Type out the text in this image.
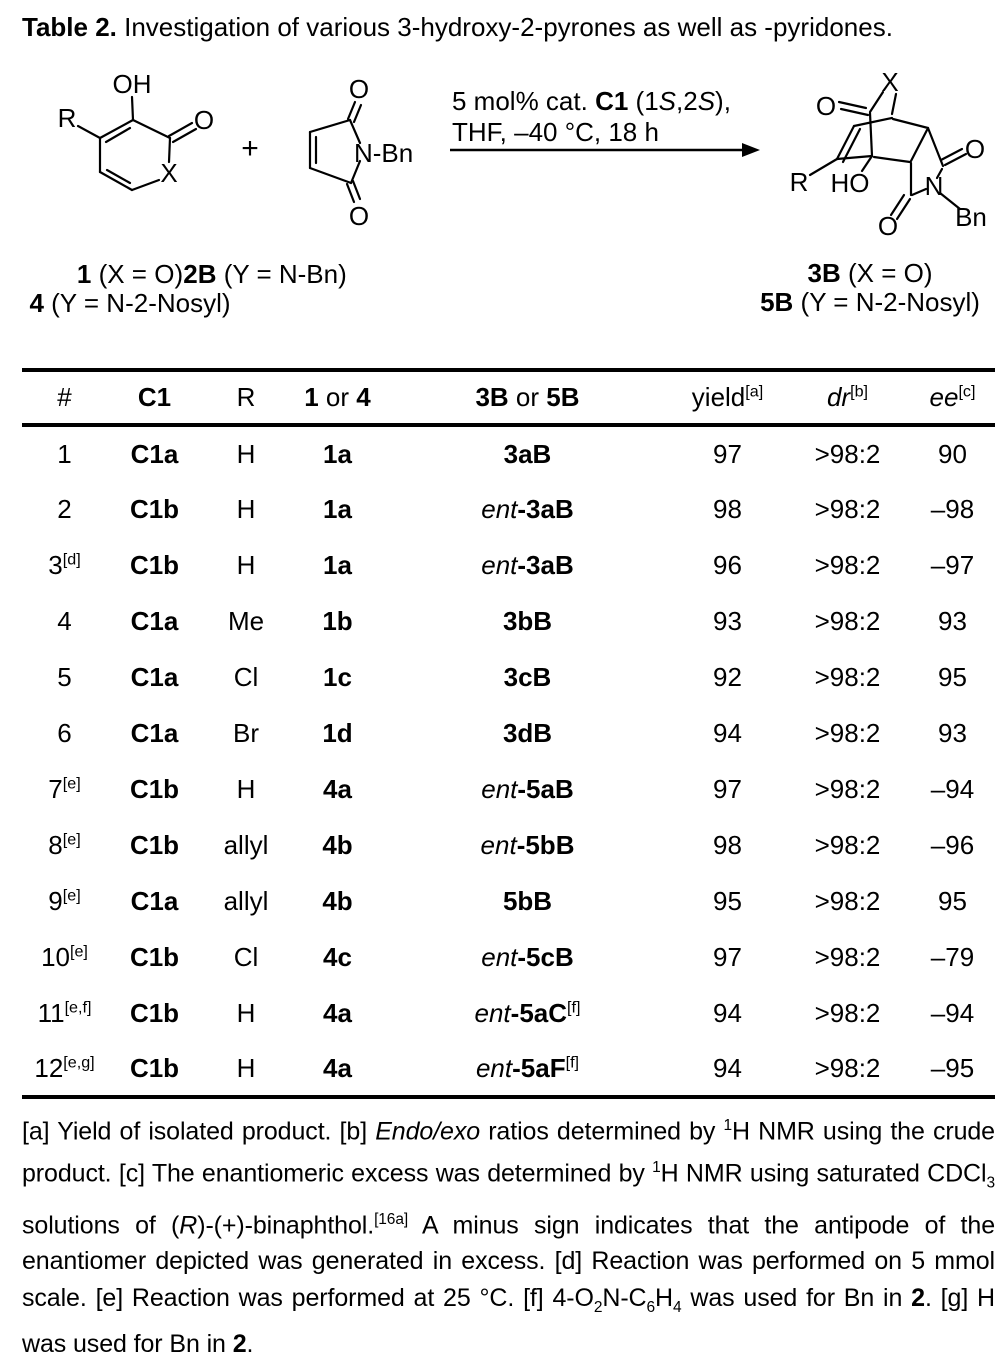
Table 2. Investigation of various 3-hydroxy-2-pyrones as well as -pyridones.
OH
R	O
X
+
O
N-Bn
O
5 mol% cat. C1 (1S,2S),
THF, –40 °C, 18 h
X
O
R HO N
O
O Bn
1 (X = O)
4 (Y = N-2-Nosyl)
2B (Y = N-Bn)	3B (X = O)
5B (Y = N-2-Nosyl)
#	C1	R	1 or 4	3B or 5B	yield[a]	dr[b]	ee[c]
1	C1a	H	1a	3aB	97	>98:2	90
2	C1b	H	1a	ent-3aB	98	>98:2	–98
3[d]	C1b	H	1a	ent-3aB	96	>98:2	–97
4	C1a	Me	1b	3bB	93	>98:2	93
5	C1a	Cl	1c	3cB	92	>98:2	95
6	C1a	Br	1d	3dB	94	>98:2	93
7[e]	C1b	H	4a	ent-5aB	97	>98:2	–94
8[e]	C1b	allyl	4b	ent-5bB	98	>98:2	–96
9[e]	C1a	allyl	4b	5bB	95	>98:2	95
10[e]	C1b	Cl	4c	ent-5cB	97	>98:2	–79
11[e,f]	C1b	H	4a	ent-5aC[f]	94	>98:2	–94
12[e,g]	C1b	H	4a	ent-5aF[f]	94	>98:2	–95
[a] Yield of isolated product. [b] Endo/exo ratios determined by $^1$H NMR using the crude product. [c] The enantiomeric excess was determined by $^1$H NMR using saturated CDCl$_3$ solutions of (R)-(+)-binaphthol.[16a] A minus sign indicates that the antipode of the enantiomer depicted was generated in excess. [d] Reaction was performed on 5 mmol scale. [e] Reaction was performed at 25 °C. [f] $4-O_2N-C_6H_4$ was used for Bn in 2. [g] H was used for Bn in 2.
